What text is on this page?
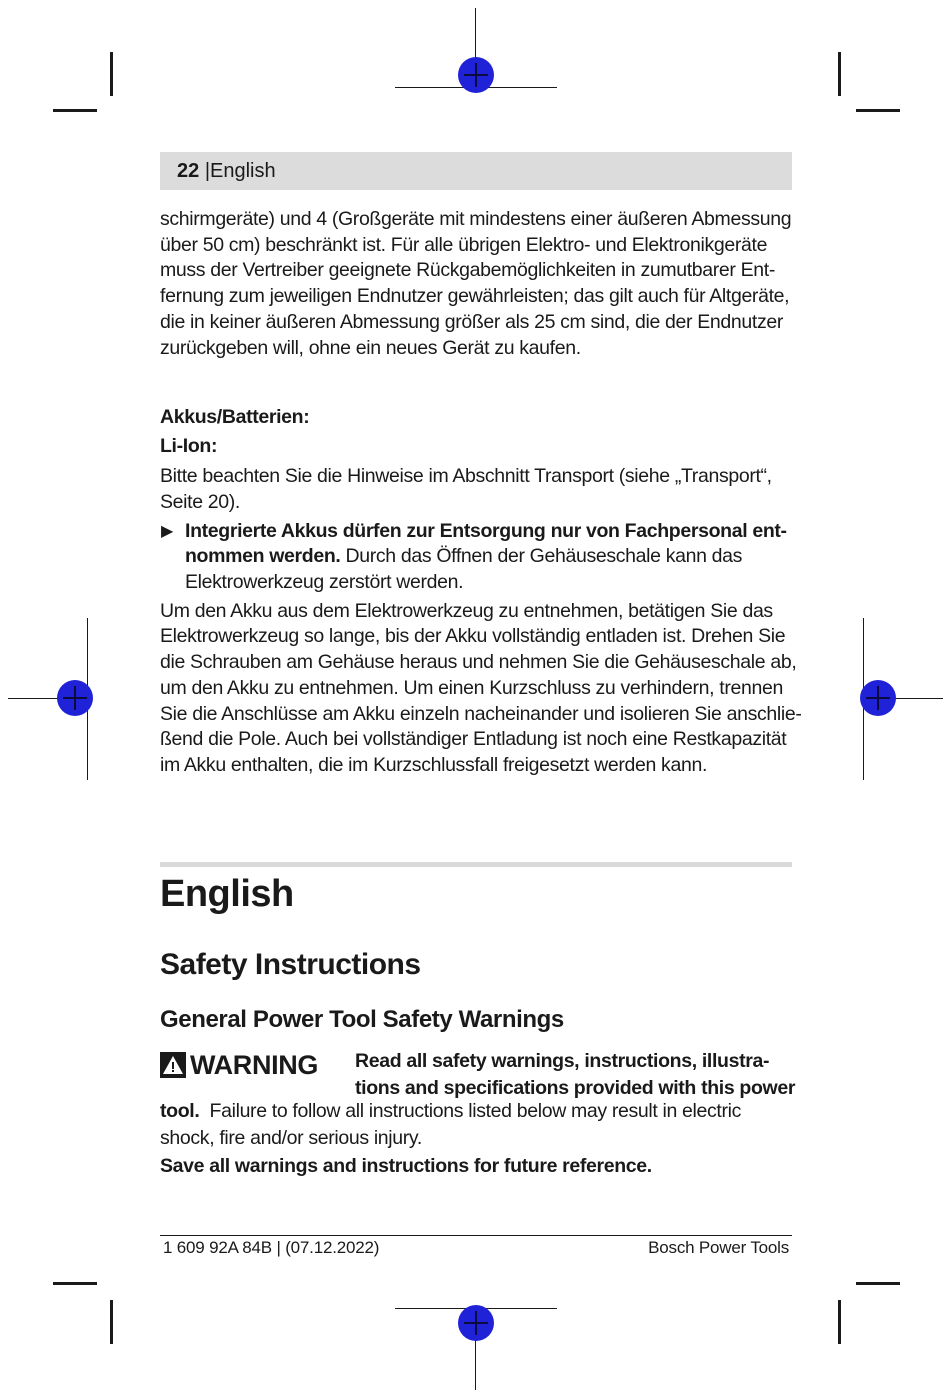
22 |English

schirmgeräte) und 4 (Großgeräte mit mindestens einer äußeren Abmessung
über 50 cm) beschränkt ist. Für alle übrigen Elektro- und Elektronikgeräte
muss der Vertreiber geeignete Rückgabemöglichkeiten in zumutbarer Ent-
fernung zum jeweiligen Endnutzer gewährleisten; das gilt auch für Altgeräte,
die in keiner äußeren Abmessung größer als 25 cm sind, die der Endnutzer
zurückgeben will, ohne ein neues Gerät zu kaufen.

Akkus/Batterien:

Li-Ion:

Bitte beachten Sie die Hinweise im Abschnitt Transport (siehe „Transport“,
Seite 20).

▶ Integrierte Akkus dürfen zur Entsorgung nur von Fachpersonal ent-
nommen werden. Durch das Öffnen der Gehäuseschale kann das
Elektrowerkzeug zerstört werden.

Um den Akku aus dem Elektrowerkzeug zu entnehmen, betätigen Sie das
Elektrowerkzeug so lange, bis der Akku vollständig entladen ist. Drehen Sie
die Schrauben am Gehäuse heraus und nehmen Sie die Gehäuseschale ab,
um den Akku zu entnehmen. Um einen Kurzschluss zu verhindern, trennen
Sie die Anschlüsse am Akku einzeln nacheinander und isolieren Sie anschlie-
ßend die Pole. Auch bei vollständiger Entladung ist noch eine Restkapazität
im Akku enthalten, die im Kurzschlussfall freigesetzt werden kann.

English
Safety Instructions
General Power Tool Safety Warnings
WARNING Read all safety warnings, instructions, illustra-
tions and specifications provided with this power
tool.  Failure to follow all instructions listed below may result in electric
shock, fire and/or serious injury.
Save all warnings and instructions for future reference.
1 609 92A 84B | (07.12.2022)	Bosch Power Tools
